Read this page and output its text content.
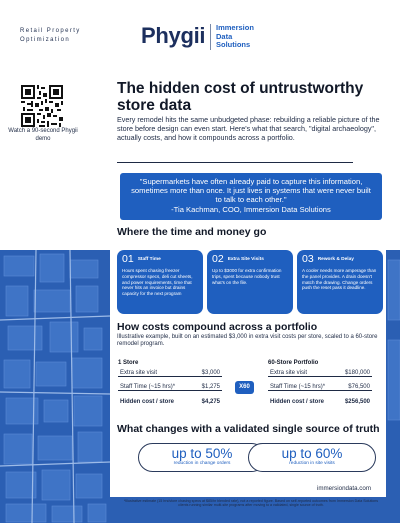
Retail Property
Optimization	Phygii Immersion
Data
Solutions
Watch a 90-second Phygii demo
The hidden cost of untrustworthy store data
Every remodel hits the same unbudgeted phase: rebuilding a reliable picture of the store before design can even start. Here's what that search, "digital archaeology", actually costs, and how it compounds across a portfolio.
"Supermarkets have often already paid to capture this information, sometimes more than once. It just lives in systems that were never built to talk to each other."
-Tia Kachman, COO, Immersion Data Solutions
Where the time and money go
01 Staff Time
Hours spent chasing freezer compressor specs, deli cut sheets, and power requirements, time that never hits an invoice but drains capacity for the next program
02 Extra Site Visits
Up to $3000 for extra confirmation trips, spent because nobody trust what's on the file.
03 Rework & Delay
A cooler needs more amperage than the panel provides. A drain doesn't match the drawing. Change orders push the reset pass it deadline.
How costs compound across a portfolio
Illustrative example, built on an estimated $3,000 in extra visit costs per store, scaled to a 60-store remodel program.
1 Store
Extra site visit	$3,000
Staff Time (~15 hrs)*	$1,275
Hidden cost / store	$4,275
X60
60-Store Portfolio
Extra site visit	$180,000
Staff Time (~15 hrs)*	$76,500
Hidden cost / store	$256,500
What changes with a validated single source of truth
up to 50%
reduction in change orders
up to 60%
reduction in site visits
immersiondata.com
*Illustrative estimate (15 hrs/store chasing specs at $85/hr blended rate), not a reported figure. Based on self-reported outcomes from Immersion Data Solutions clients running similar multi-site programs after moving to a validated, single source of truth.
